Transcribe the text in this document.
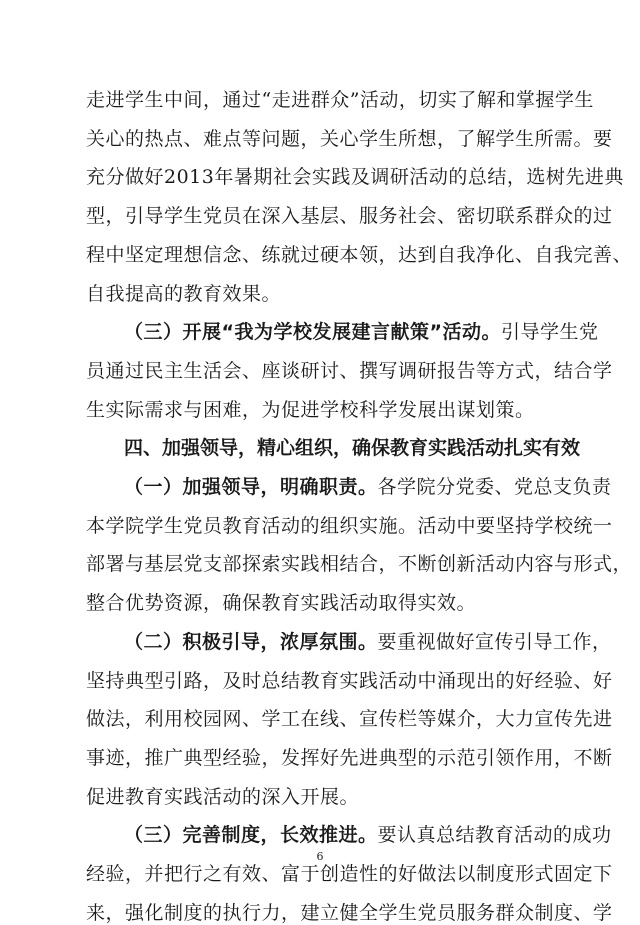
走进学生中间，通过“走进群众”活动，切实了解和掌握学生
关心的热点、难点等问题，关心学生所想，了解学生所需。要
充分做好2013年暑期社会实践及调研活动的总结，选树先进典
型，引导学生党员在深入基层、服务社会、密切联系群众的过
程中坚定理想信念、练就过硬本领，达到自我净化、自我完善、
自我提高的教育效果。
（三）开展“我为学校发展建言献策”活动。引导学生党
员通过民主生活会、座谈研讨、撰写调研报告等方式，结合学
生实际需求与困难，为促进学校科学发展出谋划策。
四、加强领导，精心组织，确保教育实践活动扎实有效
（一）加强领导，明确职责。各学院分党委、党总支负责
本学院学生党员教育活动的组织实施。活动中要坚持学校统一
部署与基层党支部探索实践相结合，不断创新活动内容与形式，
整合优势资源，确保教育实践活动取得实效。
（二）积极引导，浓厚氛围。要重视做好宣传引导工作，
坚持典型引路，及时总结教育实践活动中涌现出的好经验、好
做法，利用校园网、学工在线、宣传栏等媒介，大力宣传先进
事迹，推广典型经验，发挥好先进典型的示范引领作用，不断
6
促进教育实践活动的深入开展。
（三）完善制度，长效推进。要认真总结教育活动的成功
经验，并把行之有效、富于创造性的好做法以制度形式固定下
来，强化制度的执行力，建立健全学生党员服务群众制度、学
